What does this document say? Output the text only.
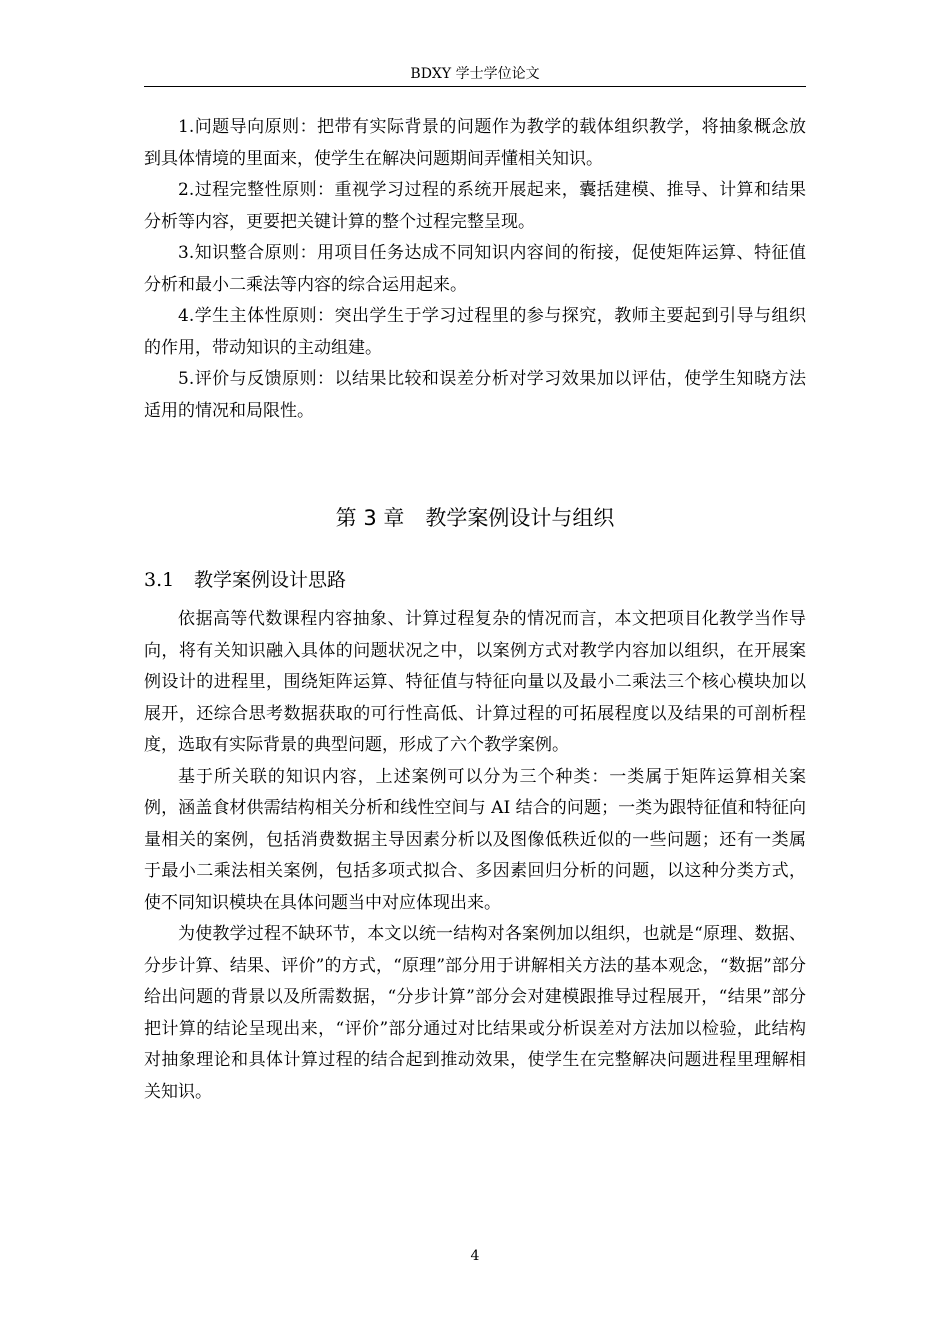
BDXY 学士学位论文

1.问题导向原则：把带有实际背景的问题作为教学的载体组织教学，将抽象概念放到具体情境的里面来，使学生在解决问题期间弄懂相关知识。

2.过程完整性原则：重视学习过程的系统开展起来，囊括建模、推导、计算和结果分析等内容，更要把关键计算的整个过程完整呈现。

3.知识整合原则：用项目任务达成不同知识内容间的衔接，促使矩阵运算、特征值分析和最小二乘法等内容的综合运用起来。

4.学生主体性原则：突出学生于学习过程里的参与探究，教师主要起到引导与组织的作用，带动知识的主动组建。

5.评价与反馈原则：以结果比较和误差分析对学习效果加以评估，使学生知晓方法适用的情况和局限性。

第 3 章　教学案例设计与组织
3.1 教学案例设计思路

依据高等代数课程内容抽象、计算过程复杂的情况而言，本文把项目化教学当作导向，将有关知识融入具体的问题状况之中，以案例方式对教学内容加以组织，在开展案例设计的进程里，围绕矩阵运算、特征值与特征向量以及最小二乘法三个核心模块加以展开，还综合思考数据获取的可行性高低、计算过程的可拓展程度以及结果的可剖析程度，选取有实际背景的典型问题，形成了六个教学案例。

基于所关联的知识内容，上述案例可以分为三个种类：一类属于矩阵运算相关案例，涵盖食材供需结构相关分析和线性空间与 AI 结合的问题；一类为跟特征值和特征向量相关的案例，包括消费数据主导因素分析以及图像低秩近似的一些问题；还有一类属于最小二乘法相关案例，包括多项式拟合、多因素回归分析的问题，以这种分类方式，使不同知识模块在具体问题当中对应体现出来。

为使教学过程不缺环节，本文以统一结构对各案例加以组织，也就是“原理、数据、分步计算、结果、评价”的方式，“原理”部分用于讲解相关方法的基本观念，“数据”部分给出问题的背景以及所需数据，“分步计算”部分会对建模跟推导过程展开，“结果”部分把计算的结论呈现出来，“评价”部分通过对比结果或分析误差对方法加以检验，此结构对抽象理论和具体计算过程的结合起到推动效果，使学生在完整解决问题进程里理解相关知识。

4
